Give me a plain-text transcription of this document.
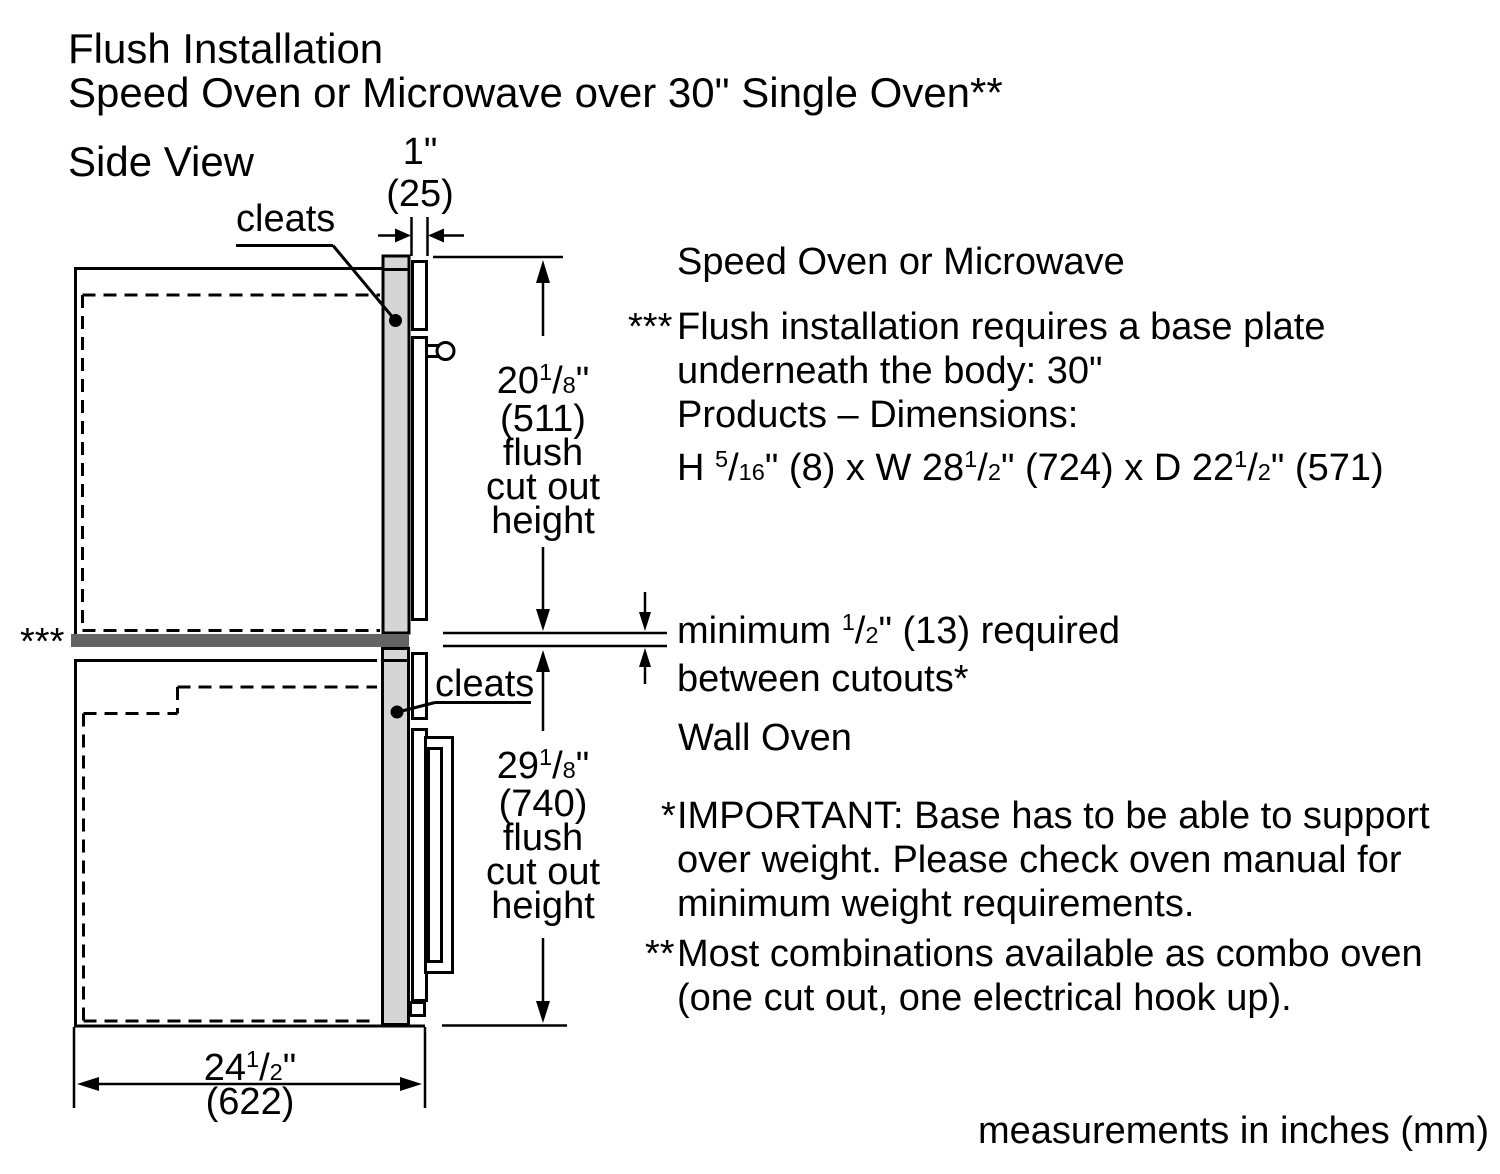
Flush Installation
Speed Oven or Microwave over 30" Single Oven**
Side View
cleats
1"
(25)
$20^1/8$"
(511)
flush
cut out
height
***
cleats
$29^1/8$"
(740)
flush
cut out
height
$24^1/2$"
(622)
Speed Oven or Microwave
*** Flush installation requires a base plate
underneath the body: 30"
Products – Dimensions:
H $^5$/16" (8) x W $28^1/2$" (724) x D $22^1/2$" (571)
minimum $^1$/2" (13) required
between cutouts*
Wall Oven
* IMPORTANT: Base has to be able to support
over weight. Please check oven manual for
minimum weight requirements.
** Most combinations available as combo oven
(one cut out, one electrical hook up).
measurements in inches (mm)
